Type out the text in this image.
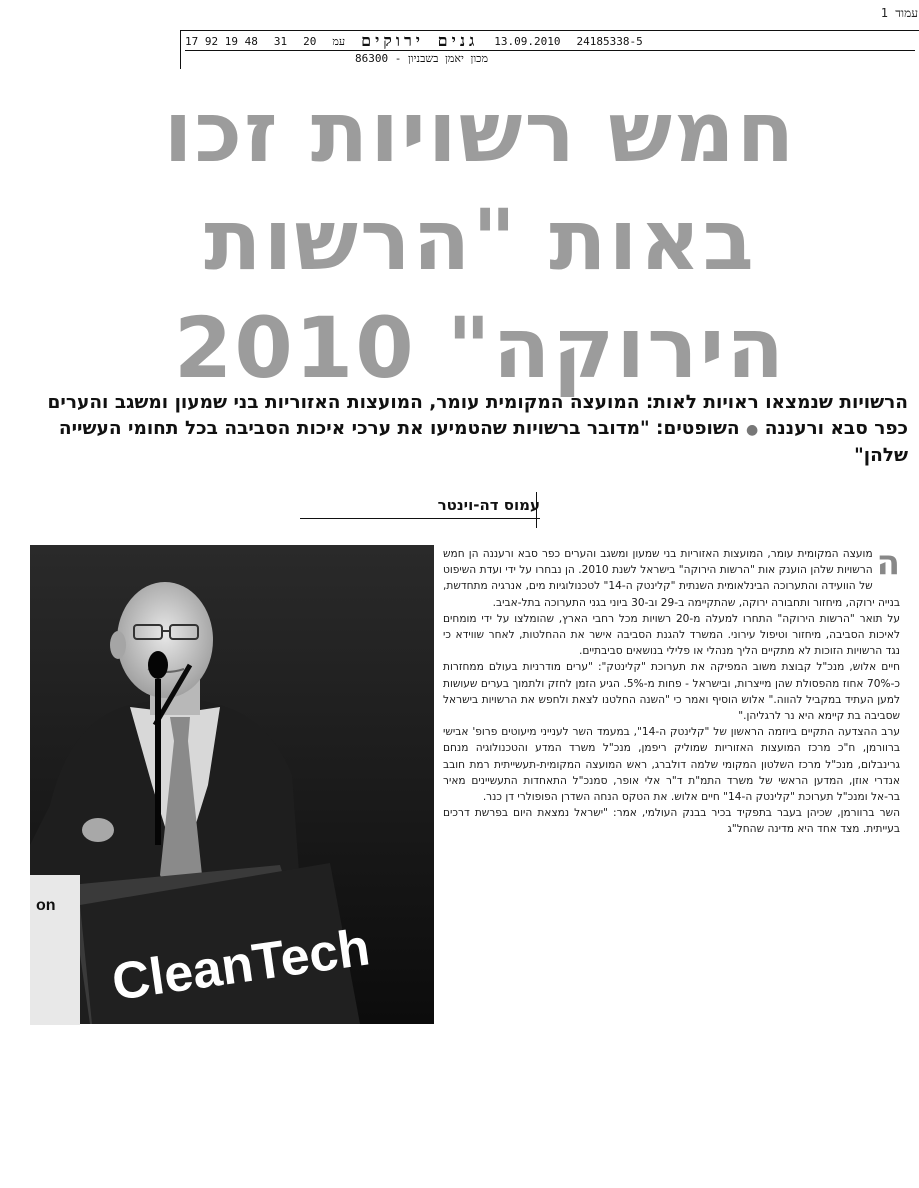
עמוד 1
17 92 19 48 31 20 עמ גנים ירוקים 13.09.2010 24185338-5
מכון יאמן בשבניון - 86300
חמש רשויות זכו
באות "הרשות
הירוקה" 2010
הרשויות שנמצאו ראויות לאות: המועצה המקומית עומר, המועצות האזוריות בני שמעון ומשגב והערים כפר סבא ורעננה ● השופטים: "מדובר ברשויות שהטמיעו את ערכי איכות הסביבה בכל תחומי העשייה שלהן"
עמוס דה-וינטר
on
CleanTech
השר לענייני
מיעוטים פרופ'
אבישי ברוורמן:
להקים מפעלים
בפריפריה
ה

מועצה המקומית עומר, המועצות האזוריות בני שמעון ומשגב והערים כפר סבא ורעננה הן חמש הרשויות שלהן הוענק אות "הרשות הירוקה" בישראל לשנת 2010. הן נבחרו על ידי ועדת השיפוט של הוועידה והתערוכה הבינלאומית השנתית "קלינטק ה-14" לטכנולוגיות מים, אנרגיה מתחדשת, בנייה ירוקה, מיחזור ותחבורה ירוקה, שהתקיימה ב-29 וב-30 ביוני בגני התערוכה בתל-אביב.

על תואר "הרשות הירוקה" התחרו למעלה מ-20 רשויות מכל רחבי הארץ, שהומלצו על ידי מומחים לאיכות הסביבה, מיחזור וטיפול עירוני. המשרד להגנת הסביבה אישר את ההחלטות, לאחר שווידא כי נגד הרשויות הזוכות לא מתקיים הליך מנהלי או פלילי בנושאים סביבתיים.

חיים אלוש, מנכ"ל קבוצת משוב המפיקה את תערוכת "קלינטק": "ערים מודרניות בעולם ממחזרות כ-70% אחוז מהפסולת שהן מייצרות, ובישראל - פחות מ-5%. הגיע הזמן לחזק ולתמוך בערים שעושות למען העתיד במקביל להווה." אלוש הוסיף ואמר כי "השנה החלטנו לצאת ולחפש את הרשויות בישראל שסביבה בת קיימא היא נר לרגליהן."

ערב ההצדעה התקיים ביוזמה הראשון של "קלינטק ה-14", במעמד השר לענייני מיעוטים פרופ' אבישי ברוורמן, ח"כ מרכז המועצות האזוריות שמוליק ריפמן, מנכ"ל משרד המדע והטכנולוגיה מנחם גרינבלום, מנכ"ל מרכז השלטון המקומי שלמה דולברג, ראש המועצה המקומית-תעשייתית רמת חובב אנדרי אוזן, המדען הראשי של משרד התמ"ת ד"ר אלי אופר, סמנכ"ל התאחדות התעשיינים מאיר בר-אל ומנכ"ל תערוכת "קלינטק ה-14" חיים אלוש. את הטקס הנחה השדרן הפופולרי דן כנר.

השר ברוורמן, שכיהן בעבר בתפקיד בכיר בבנק העולמי, אמר: "ישראל נמצאת היום בפרשת דרכים בעייתית. מצד אחד היא מדינה שהחל"ג
